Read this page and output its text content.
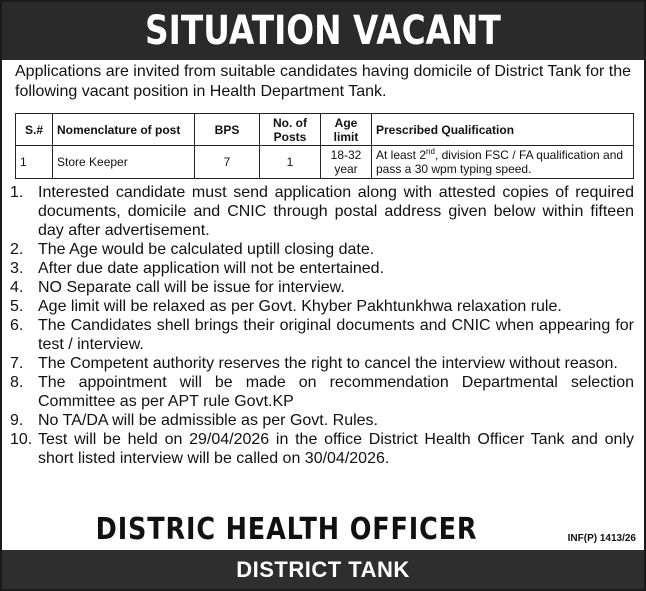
SITUATION VACANT
Applications are invited from suitable candidates having domicile of District Tank for the
following vacant position in Health Department Tank.
S.#	Nomenclature of post	BPS	No. of Posts	Age limit	Prescribed Qualification
1	Store Keeper	7	1	18-32 year	At least 2nd, division FSC / FA qualification and pass a 30 wpm typing speed.
1. Interested candidate must send application along with attested copies of required documents, domicile and CNIC through postal address given below within fifteen day after advertisement.
2. The Age would be calculated uptill closing date.
3. After due date application will not be entertained.
4. NO Separate call will be issue for interview.
5. Age limit will be relaxed as per Govt. Khyber Pakhtunkhwa relaxation rule.
6. The Candidates shell brings their original documents and CNIC when appearing for test / interview.
7. The Competent authority reserves the right to cancel the interview without reason.
8. The appointment will be made on recommendation Departmental selection Committee as per APT rule Govt.KP
9. No TA/DA will be admissible as per Govt. Rules.
10. Test will be held on 29/04/2026 in the office District Health Officer Tank and only short listed interview will be called on 30/04/2026.
DISTRIC HEALTH OFFICER	INF(P) 1413/26
DISTRICT TANK
